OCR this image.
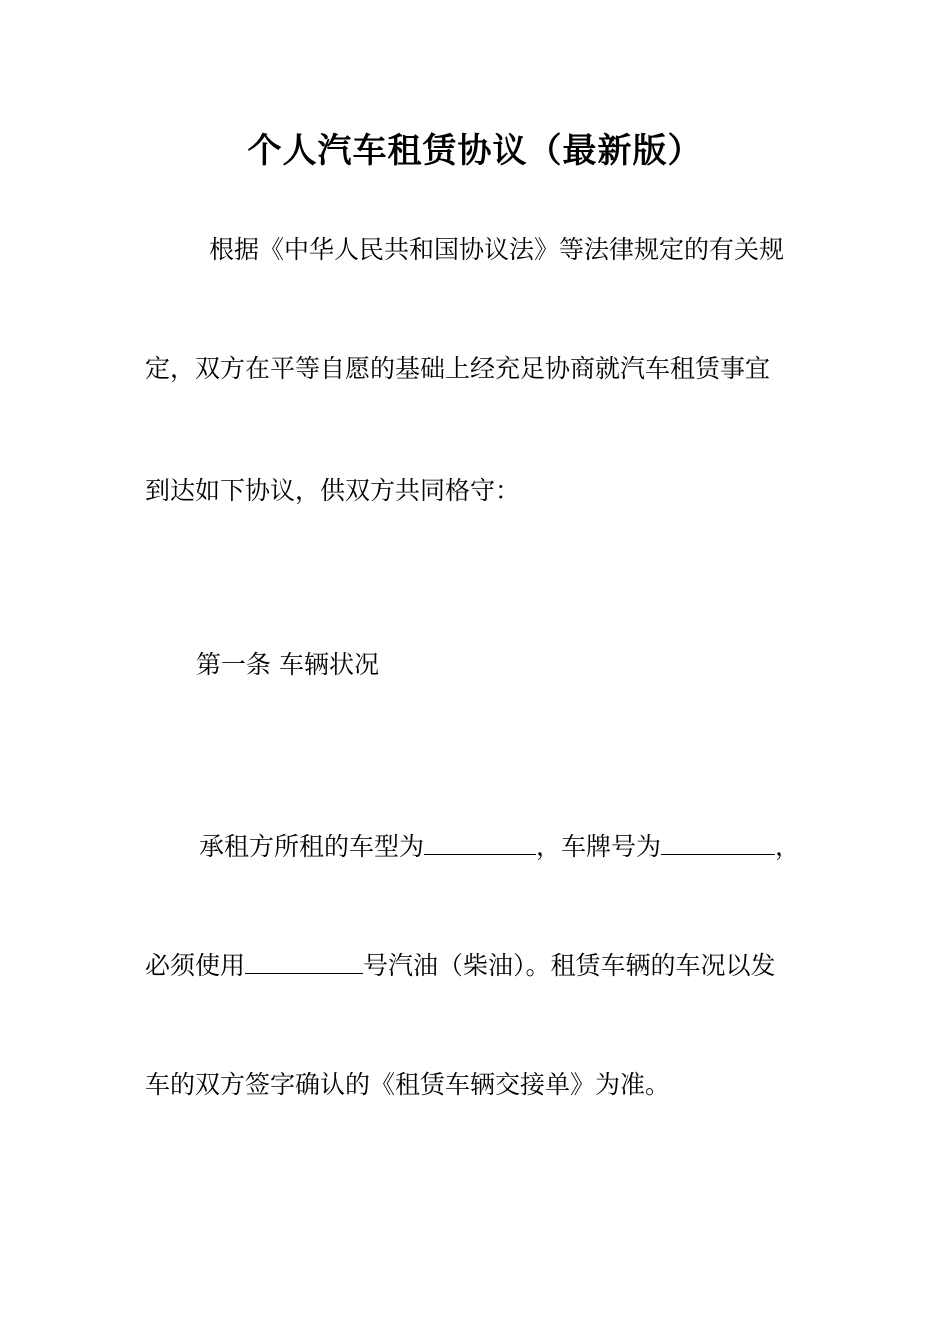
个人汽车租赁协议（最新版）
根据《中华人民共和国协议法》等法律规定的有关规
定，双方在平等自愿的基础上经充足协商就汽车租赁事宜
到达如下协议，供双方共同格守：
第一条 车辆状况
承租方所租的车型为	，车牌号为	，
必须使用	号汽油（柴油）。租赁车辆的车况以发
车的双方签字确认的《租赁车辆交接单》为准。
